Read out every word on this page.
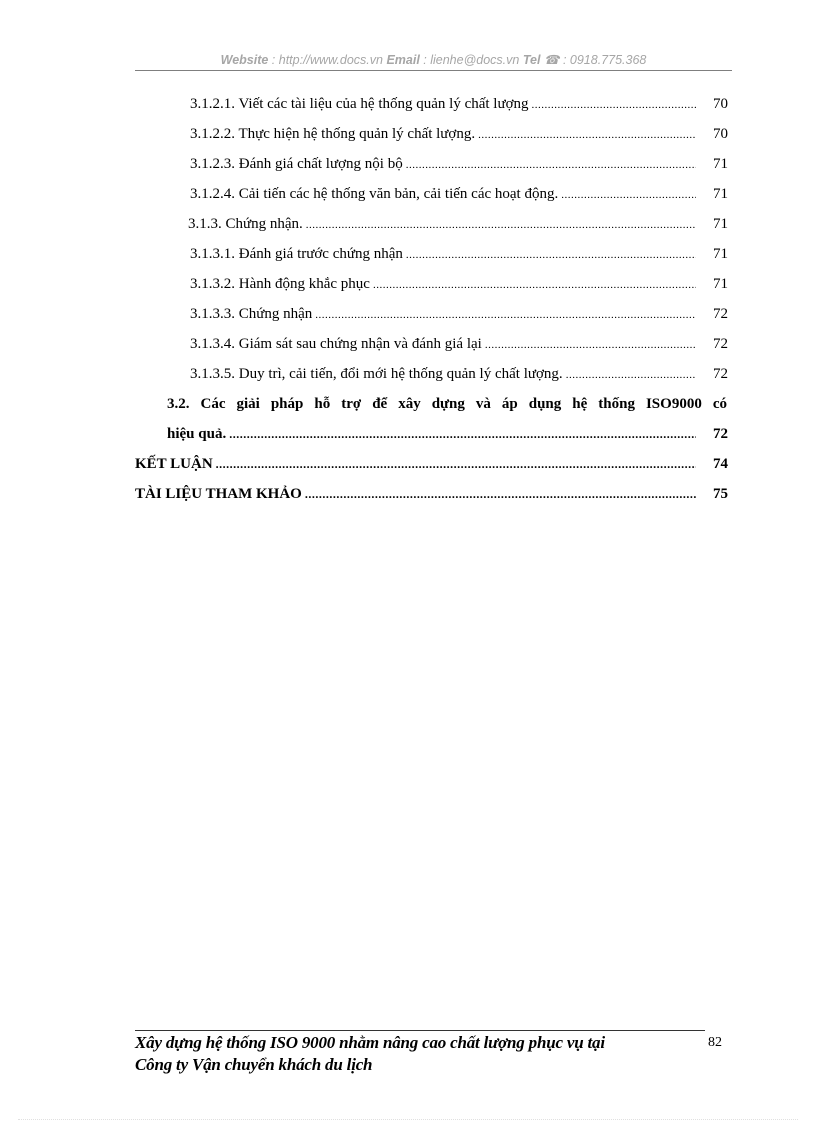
Website : http://www.docs.vn Email : lienhe@docs.vn Tel ☎ : 0918.775.368
3.1.2.1. Viết các tài liệu của hệ thống quản lý chất lượng .....	70
3.1.2.2. Thực hiện hệ thống quản lý chất lượng. .....	70
3.1.2.3. Đánh giá chất lượng nội bộ .....	71
3.1.2.4. Cải tiến các hệ thống văn bản, cải tiến các hoạt động. .....	71
3.1.3. Chứng nhận. .....	71
3.1.3.1. Đánh giá trước chứng nhận .....	71
3.1.3.2. Hành động khắc phục .....	71
3.1.3.3. Chứng nhận .....	72
3.1.3.4. Giám sát sau chứng nhận và đánh giá lại .....	72
3.1.3.5. Duy trì, cải tiến, đổi mới hệ thống quản lý chất lượng. .....	72
3.2. Các giải pháp hỗ trợ để xây dựng và áp dụng hệ thống ISO9000 có
hiệu quả. .....	72
KẾT LUẬN .....	74
TÀI LIỆU THAM KHẢO .....	75
Xây dựng hệ thống ISO 9000 nhằm nâng cao chất lượng phục vụ tại
Công ty Vận chuyển khách du lịch
82
